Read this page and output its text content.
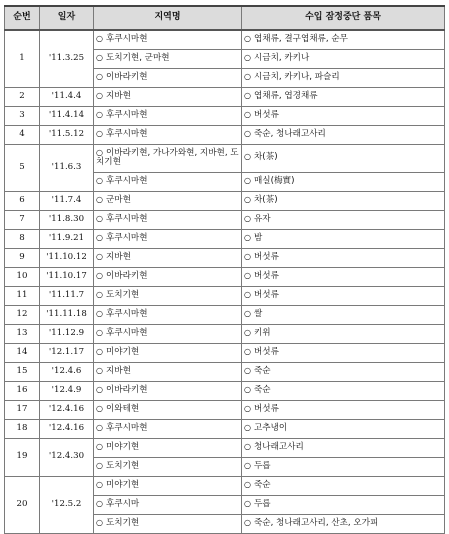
순번	일자	지역명	수입 잠정중단 품목
1	'11.3.25	○ 후쿠시마현	○ 엽채류, 결구엽채류, 순무
		○ 도치기현, 군마현	○ 시금치, 카키나
		○ 이바라키현	○ 시금치, 카키나, 파슬리
2	'11.4.4	○ 지바현	○ 엽채류, 엽경채류
3	'11.4.14	○ 후쿠시마현	○ 버섯류
4	'11.5.12	○ 후쿠시마현	○ 죽순, 청나래고사리
5	'11.6.3	○ 이바라키현, 가나가와현, 지바현, 도치기현	○ 차(茶)
		○ 후쿠시마현	○ 매실(梅實)
6	'11.7.4	○ 군마현	○ 차(茶)
7	'11.8.30	○ 후쿠시마현	○ 유자
8	'11.9.21	○ 후쿠시마현	○ 밤
9	'11.10.12	○ 지바현	○ 버섯류
10	'11.10.17	○ 이바라키현	○ 버섯류
11	'11.11.7	○ 도치기현	○ 버섯류
12	'11.11.18	○ 후쿠시마현	○ 쌀
13	'11.12.9	○ 후쿠시마현	○ 키위
14	'12.1.17	○ 미야기현	○ 버섯류
15	'12.4.6	○ 지바현	○ 죽순
16	'12.4.9	○ 이바라키현	○ 죽순
17	'12.4.16	○ 이와테현	○ 버섯류
18	'12.4.16	○ 후쿠시마현	○ 고추냉이
19	'12.4.30	○ 미야기현	○ 청나래고사리
		○ 도치기현	○ 두릅
20	'12.5.2	○ 미야기현	○ 죽순
		○ 후쿠시마	○ 두릅
		○ 도치기현	○ 죽순, 청나래고사리, 산초, 오가피
